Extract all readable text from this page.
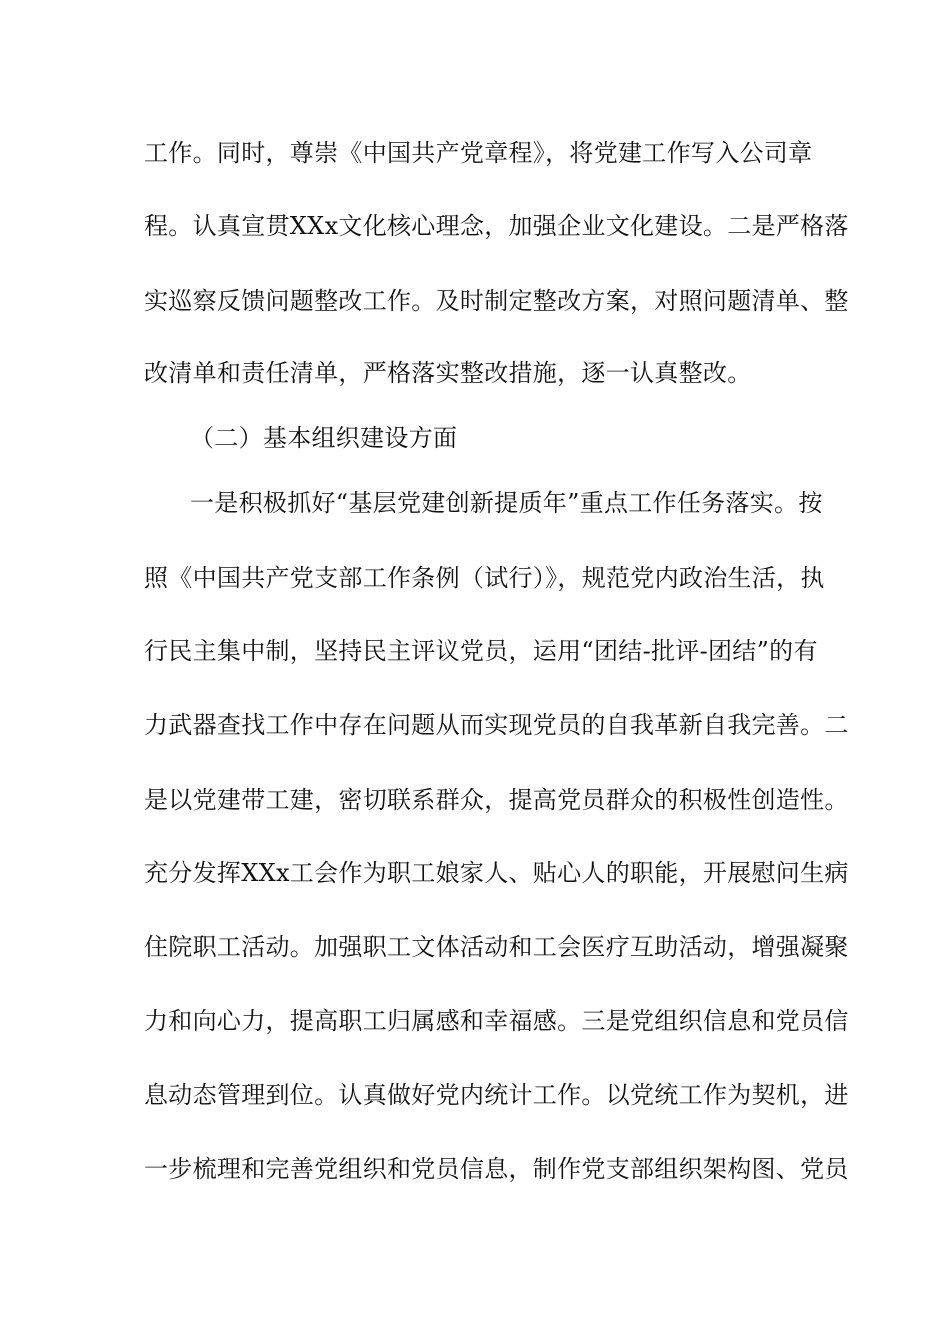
工作。同时，尊崇《中国共产党章程》，将党建工作写入公司章
程。认真宣贯XXx文化核心理念，加强企业文化建设。二是严格落
实巡察反馈问题整改工作。及时制定整改方案，对照问题清单、整
改清单和责任清单，严格落实整改措施，逐一认真整改。
（二）基本组织建设方面
一是积极抓好“基层党建创新提质年”重点工作任务落实。按
照《中国共产党支部工作条例（试行）》，规范党内政治生活，执
行民主集中制，坚持民主评议党员，运用“团结-批评-团结”的有
力武器查找工作中存在问题从而实现党员的自我革新自我完善。二
是以党建带工建，密切联系群众，提高党员群众的积极性创造性。
充分发挥XXx工会作为职工娘家人、贴心人的职能，开展慰问生病
住院职工活动。加强职工文体活动和工会医疗互助活动，增强凝聚
力和向心力，提高职工归属感和幸福感。三是党组织信息和党员信
息动态管理到位。认真做好党内统计工作。以党统工作为契机，进
一步梳理和完善党组织和党员信息，制作党支部组织架构图、党员
